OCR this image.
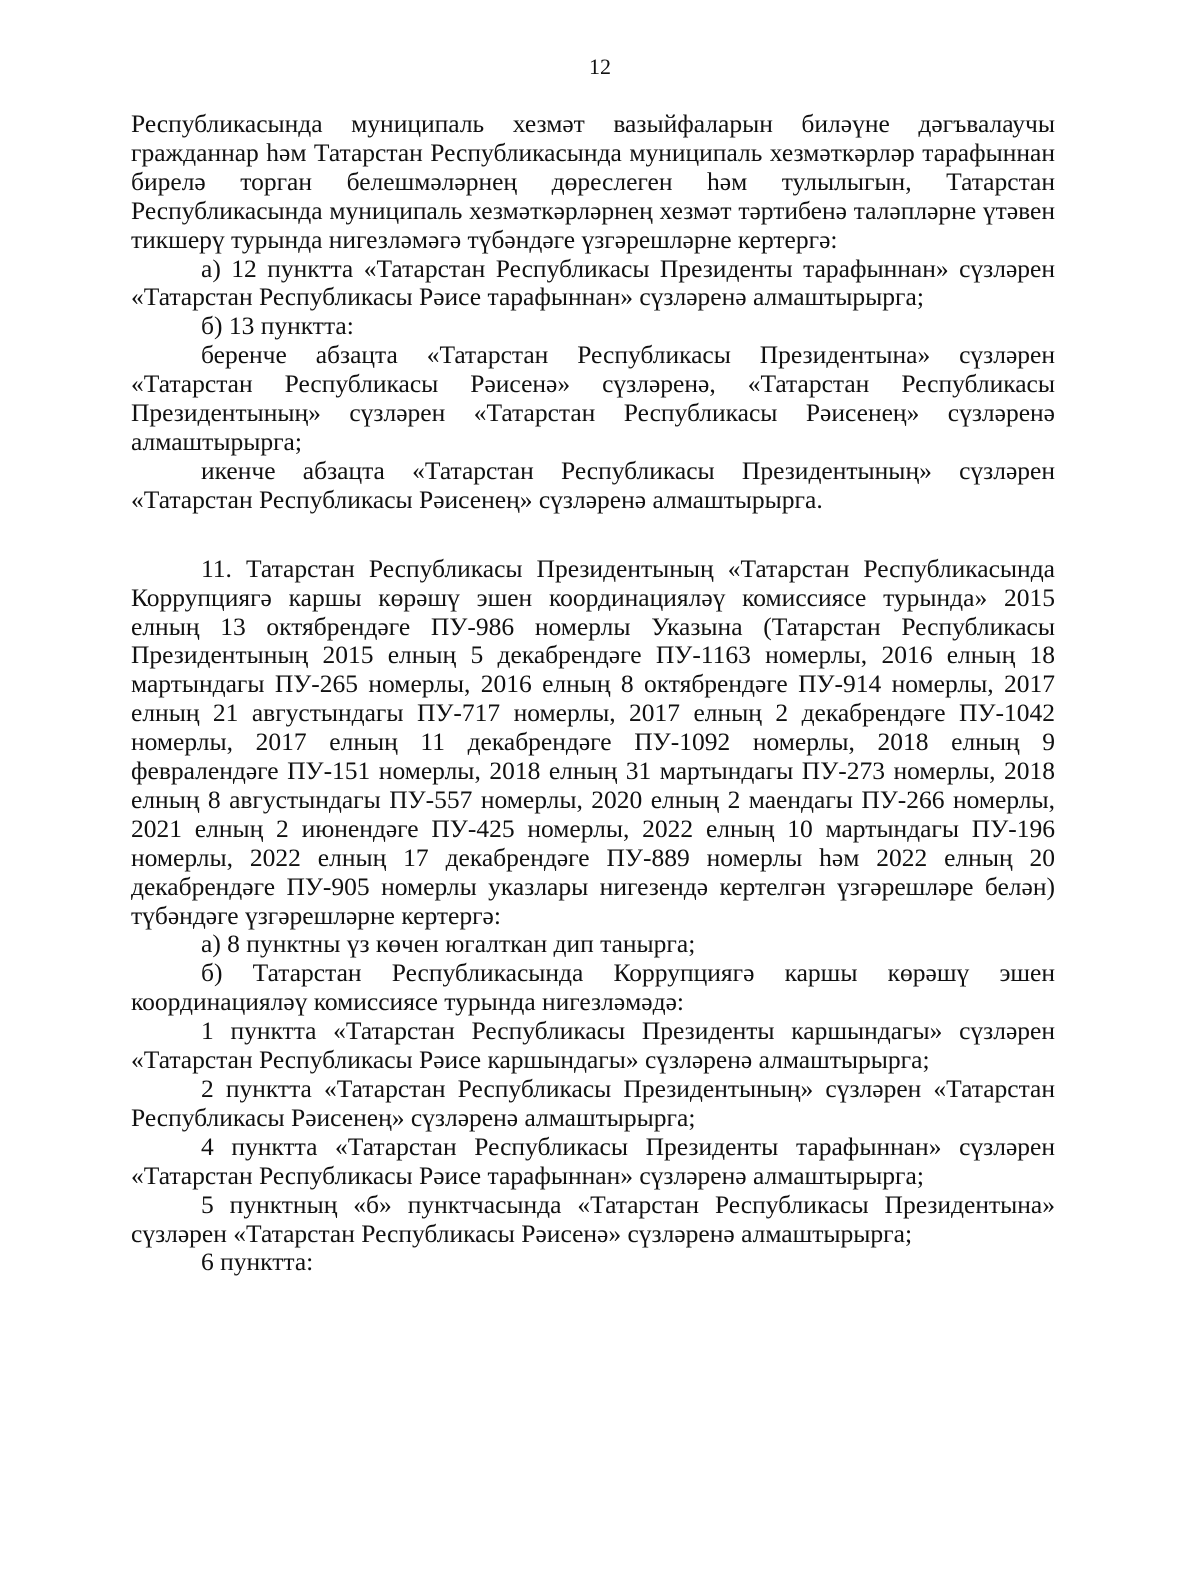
12

Республикасында муниципаль хезмәт вазыйфаларын биләүне дәгъвалаучы гражданнар һәм Татарстан Республикасында муниципаль хезмәткәрләр тарафыннан бирелә торган белешмәләрнең дөреслеген һәм тулылыгын, Татарстан Республикасында муниципаль хезмәткәрләрнең хезмәт тәртибенә таләпләрне үтәвен тикшерү турында нигезләмәгә түбәндәге үзгәрешләрне кертергә:

а) 12 пунктта «Татарстан Республикасы Президенты тарафыннан» сүзләрен «Татарстан Республикасы Рәисе тарафыннан» сүзләренә алмаштырырга;

б) 13 пунктта:

беренче абзацта «Татарстан Республикасы Президентына» сүзләрен «Татарстан Республикасы Рәисенә» сүзләренә, «Татарстан Республикасы Президентының» сүзләрен «Татарстан Республикасы Рәисенең» сүзләренә алмаштырырга;

икенче абзацта «Татарстан Республикасы Президентының» сүзләрен «Татарстан Республикасы Рәисенең» сүзләренә алмаштырырга.

11. Татарстан Республикасы Президентының «Татарстан Республикасында Коррупциягә каршы көрәшү эшен координацияләү комиссиясе турында» 2015 елның 13 октябрендәге ПУ-986 номерлы Указына (Татарстан Республикасы Президентының 2015 елның 5 декабрендәге ПУ-1163 номерлы, 2016 елның 18 мартындагы ПУ-265 номерлы, 2016 елның 8 октябрендәге ПУ-914 номерлы, 2017 елның 21 августындагы ПУ-717 номерлы, 2017 елның 2 декабрендәге ПУ-1042 номерлы, 2017 елның 11 декабрендәге ПУ-1092 номерлы, 2018 елның 9 февралендәге ПУ-151 номерлы, 2018 елның 31 мартындагы ПУ-273 номерлы, 2018 елның 8 августындагы ПУ-557 номерлы, 2020 елның 2 маендагы ПУ-266 номерлы, 2021 елның 2 июнендәге ПУ-425 номерлы, 2022 елның 10 мартындагы ПУ-196 номерлы, 2022 елның 17 декабрендәге ПУ-889 номерлы һәм 2022 елның 20 декабрендәге ПУ-905 номерлы указлары нигезендә кертелгән үзгәрешләре белән) түбәндәге үзгәрешләрне кертергә:

а) 8 пунктны үз көчен югалткан дип танырга;

б) Татарстан Республикасында Коррупциягә каршы көрәшү эшен координацияләү комиссиясе турында нигезләмәдә:

1 пунктта «Татарстан Республикасы Президенты каршындагы» сүзләрен «Татарстан Республикасы Рәисе каршындагы» сүзләренә алмаштырырга;

2 пунктта «Татарстан Республикасы Президентының» сүзләрен «Татарстан Республикасы Рәисенең» сүзләренә алмаштырырга;

4 пунктта «Татарстан Республикасы Президенты тарафыннан» сүзләрен «Татарстан Республикасы Рәисе тарафыннан» сүзләренә алмаштырырга;

5 пунктның «б» пунктчасында «Татарстан Республикасы Президентына» сүзләрен «Татарстан Республикасы Рәисенә» сүзләренә алмаштырырга;

6 пунктта:
